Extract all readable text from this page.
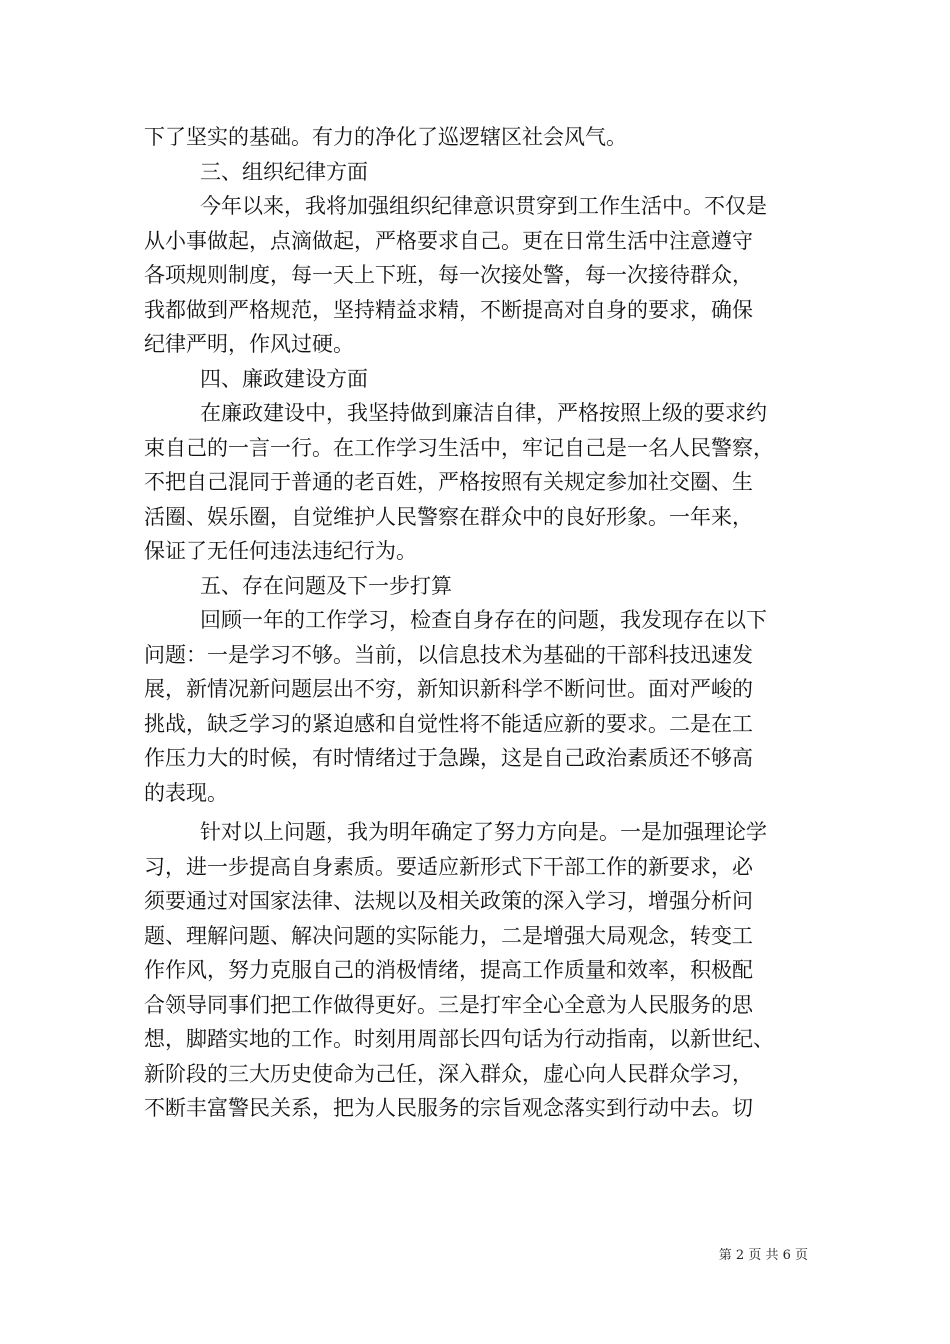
下了坚实的基础。有力的净化了巡逻辖区社会风气。
三、组织纪律方面
今年以来，我将加强组织纪律意识贯穿到工作生活中。不仅是
从小事做起，点滴做起，严格要求自己。更在日常生活中注意遵守
各项规则制度，每一天上下班，每一次接处警，每一次接待群众，
我都做到严格规范，坚持精益求精，不断提高对自身的要求，确保
纪律严明，作风过硬。
四、廉政建设方面
在廉政建设中，我坚持做到廉洁自律，严格按照上级的要求约
束自己的一言一行。在工作学习生活中，牢记自己是一名人民警察，
不把自己混同于普通的老百姓，严格按照有关规定参加社交圈、生
活圈、娱乐圈，自觉维护人民警察在群众中的良好形象。一年来，
保证了无任何违法违纪行为。
五、存在问题及下一步打算
回顾一年的工作学习，检查自身存在的问题，我发现存在以下
问题：一是学习不够。当前，以信息技术为基础的干部科技迅速发
展，新情况新问题层出不穷，新知识新科学不断问世。面对严峻的
挑战，缺乏学习的紧迫感和自觉性将不能适应新的要求。二是在工
作压力大的时候，有时情绪过于急躁，这是自己政治素质还不够高
的表现。
针对以上问题，我为明年确定了努力方向是。一是加强理论学
习，进一步提高自身素质。要适应新形式下干部工作的新要求，必
须要通过对国家法律、法规以及相关政策的深入学习，增强分析问
题、理解问题、解决问题的实际能力，二是增强大局观念，转变工
作作风，努力克服自己的消极情绪，提高工作质量和效率，积极配
合领导同事们把工作做得更好。三是打牢全心全意为人民服务的思
想，脚踏实地的工作。时刻用周部长四句话为行动指南，以新世纪、
新阶段的三大历史使命为己任，深入群众，虚心向人民群众学习，
不断丰富警民关系，把为人民服务的宗旨观念落实到行动中去。切
第 2 页 共 6 页
